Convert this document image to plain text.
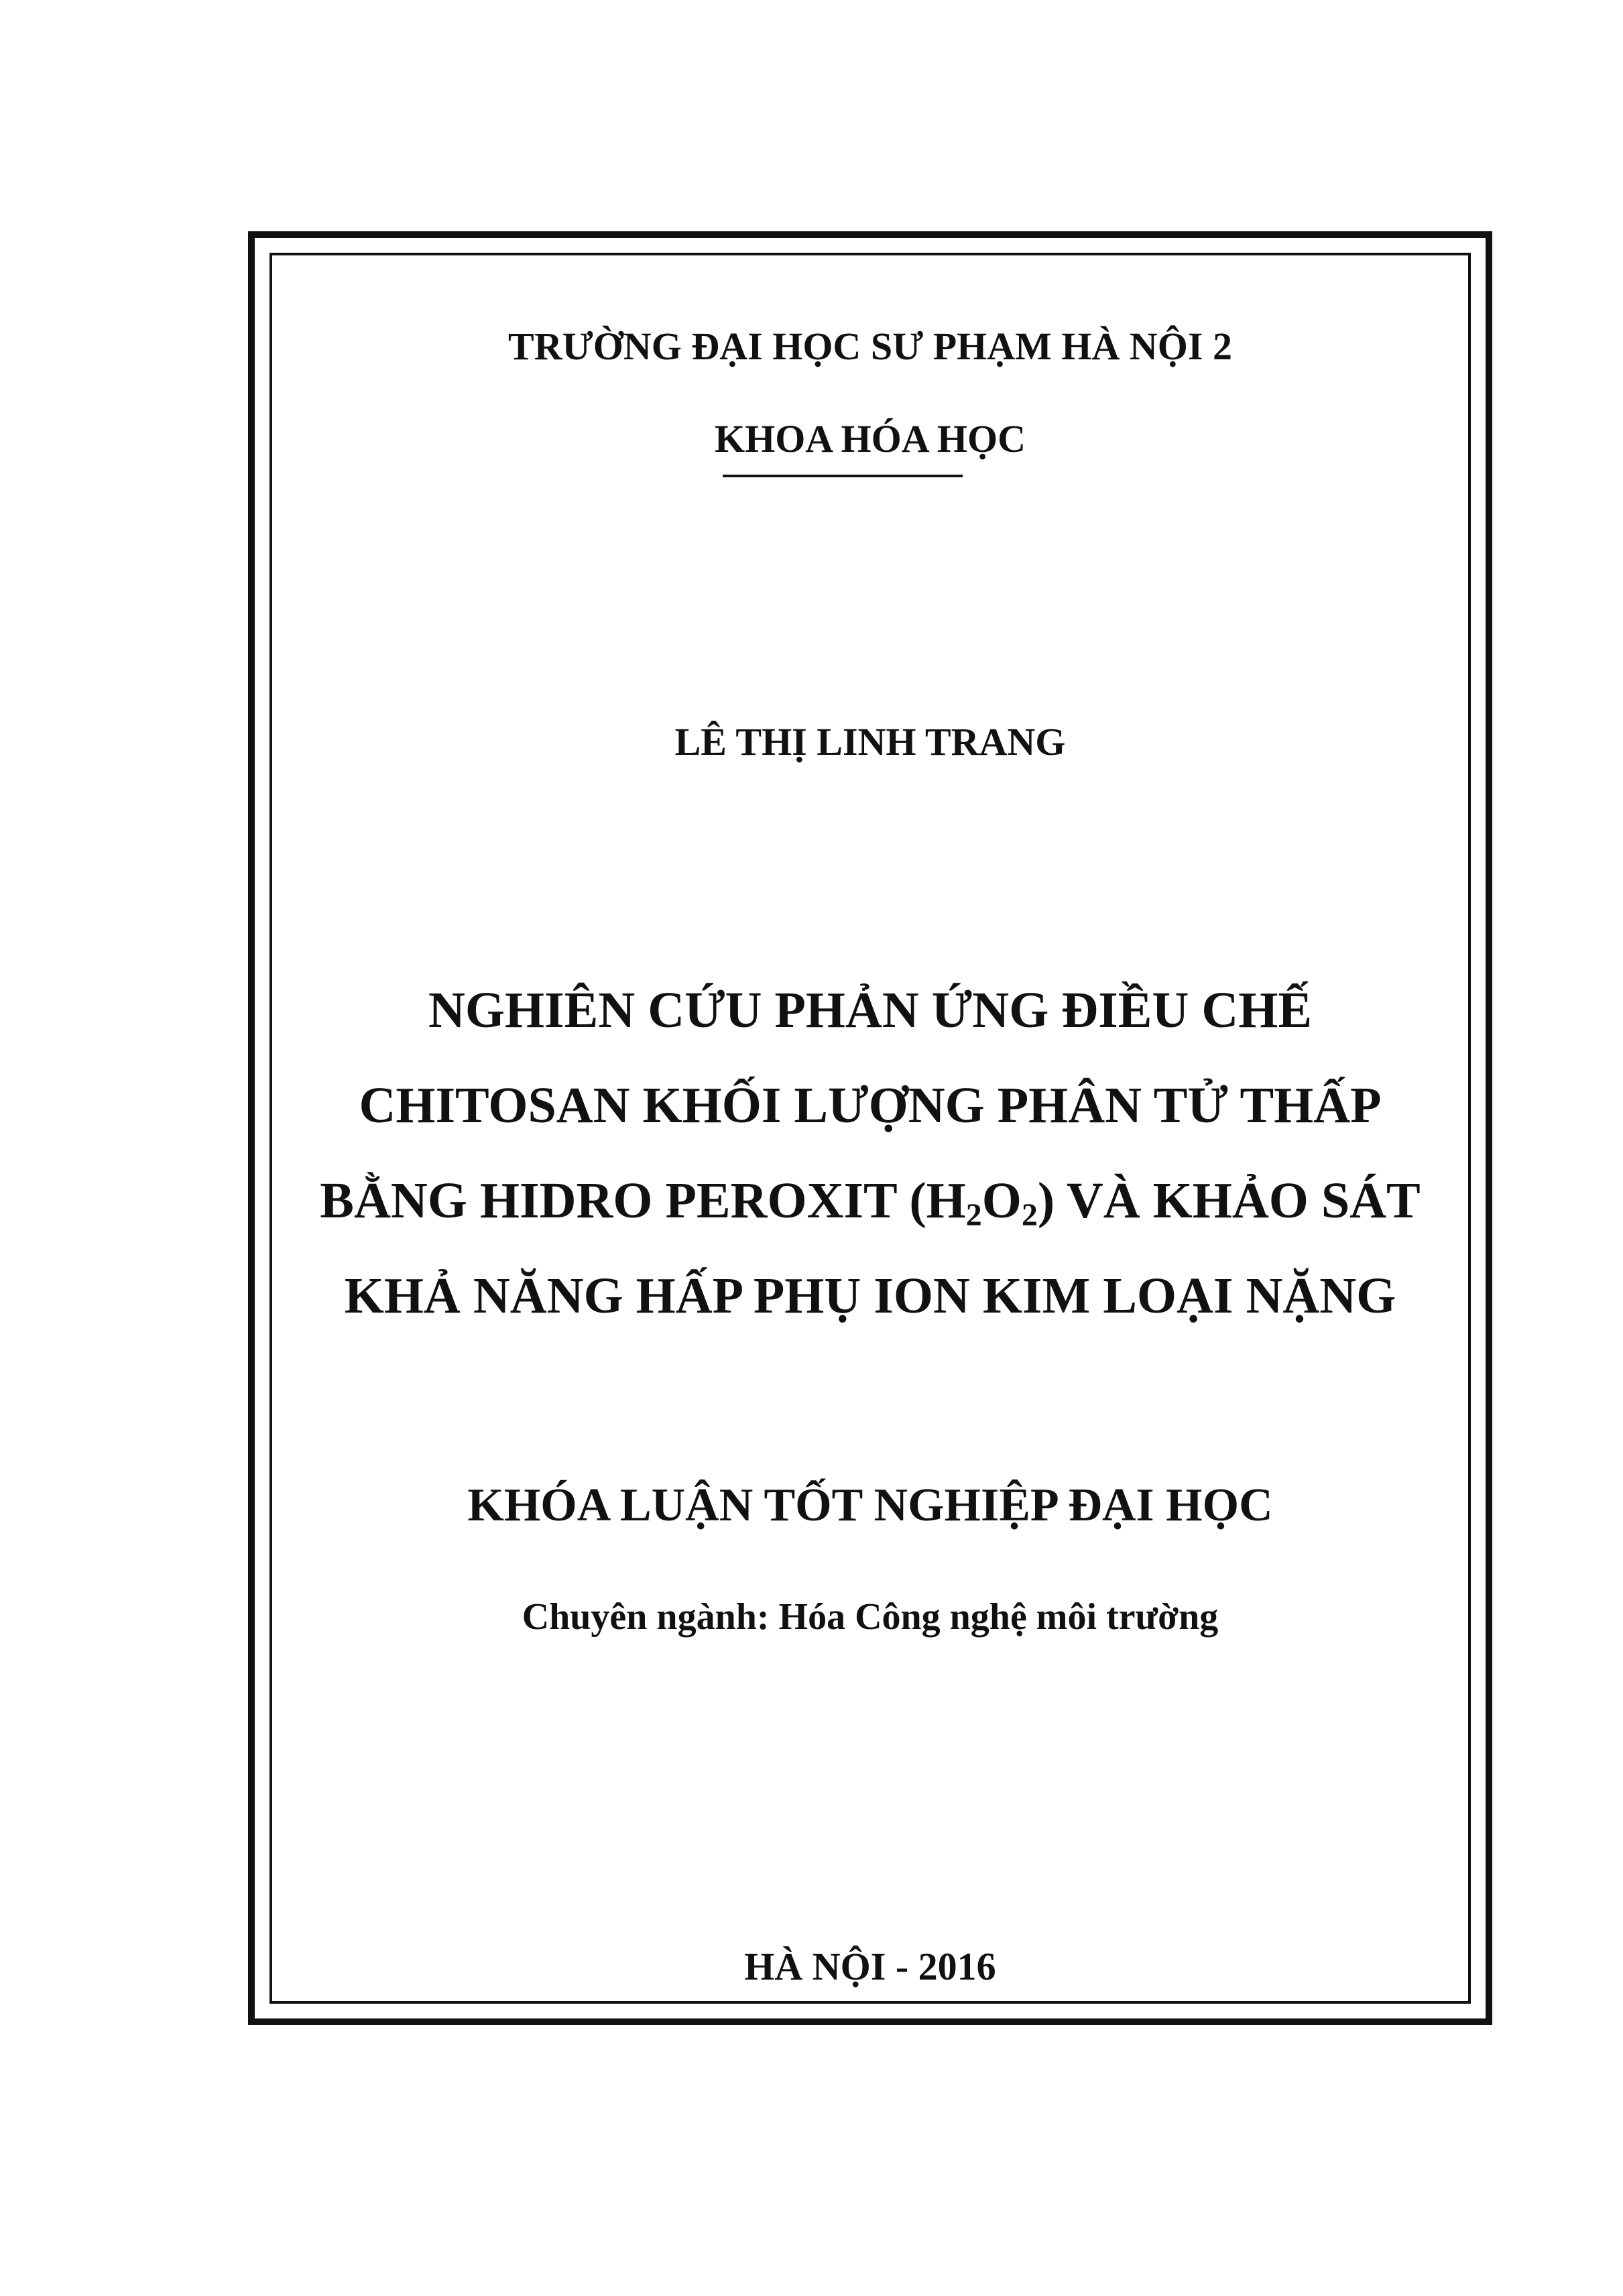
TRƯỜNG ĐẠI HỌC SƯ PHẠM HÀ NỘI 2
KHOA HÓA HỌC
LÊ THỊ LINH TRANG
NGHIÊN CỨU PHẢN ỨNG ĐIỀU CHẾ
CHITOSAN KHỐI LƯỢNG PHÂN TỬ THẤP
BẰNG HIDRO PEROXIT $(H_2O_2)$ VÀ KHẢO SÁT
KHẢ NĂNG HẤP PHỤ ION KIM LOẠI NẶNG
KHÓA LUẬN TỐT NGHIỆP ĐẠI HỌC
Chuyên ngành: Hóa Công nghệ môi trường
HÀ NỘI - 2016
